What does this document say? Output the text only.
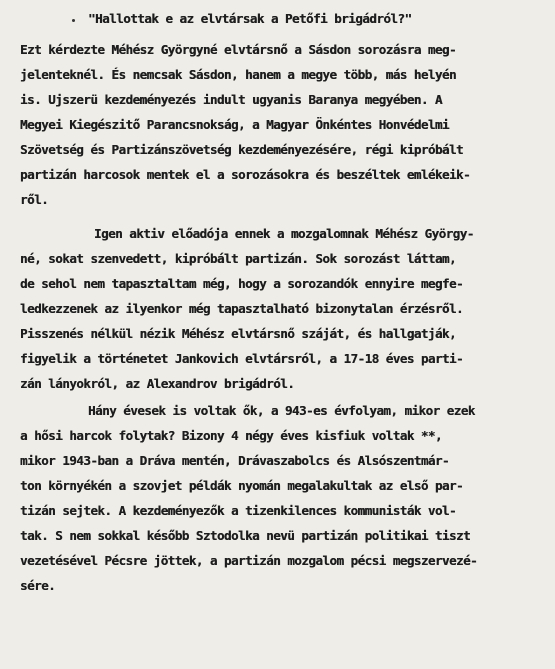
"Hallottak e az elvtársak a Petőfi brigádról?"
Ezt kérdezte Méhész Györgyné elvtársnő a Sásdon sorozásra meg-
jelenteknél. És nemcsak Sásdon, hanem a megye több, más helyén
is. Ujszerü kezdeményezés indult ugyanis Baranya megyében. A
Megyei Kiegészitő Parancsnokság, a Magyar Önkéntes Honvédelmi
Szövetség és Partizánszövetség kezdeményezésére, régi kipróbált
partizán harcosok mentek el a sorozásokra és beszéltek emlékeik-
ről.
Igen aktiv előadója ennek a mozgalomnak Méhész György-
né, sokat szenvedett, kipróbált partizán. Sok sorozást láttam,
de sehol nem tapasztaltam még, hogy a sorozandók ennyire megfe-
ledkezzenek az ilyenkor még tapasztalható bizonytalan érzésről.
Pisszenés nélkül nézik Méhész elvtársnő száját, és hallgatják,
figyelik a történetet Jankovich elvtársról, a 17-18 éves parti-
zán lányokról, az Alexandrov brigádról.
Hány évesek is voltak ők, a 943-es évfolyam, mikor ezek
a hősi harcok folytak? Bizony 4 négy éves kisfiuk voltak **,
mikor 1943-ban a Dráva mentén, Drávaszabolcs és Alsószentmár-
ton környékén a szovjet példák nyomán megalakultak az első par-
tizán sejtek. A kezdeményezők a tizenkilences kommunisták vol-
tak. S nem sokkal később Sztodolka nevü partizán politikai tiszt
vezetésével Pécsre jöttek, a partizán mozgalom pécsi megszervezé-
sére.
